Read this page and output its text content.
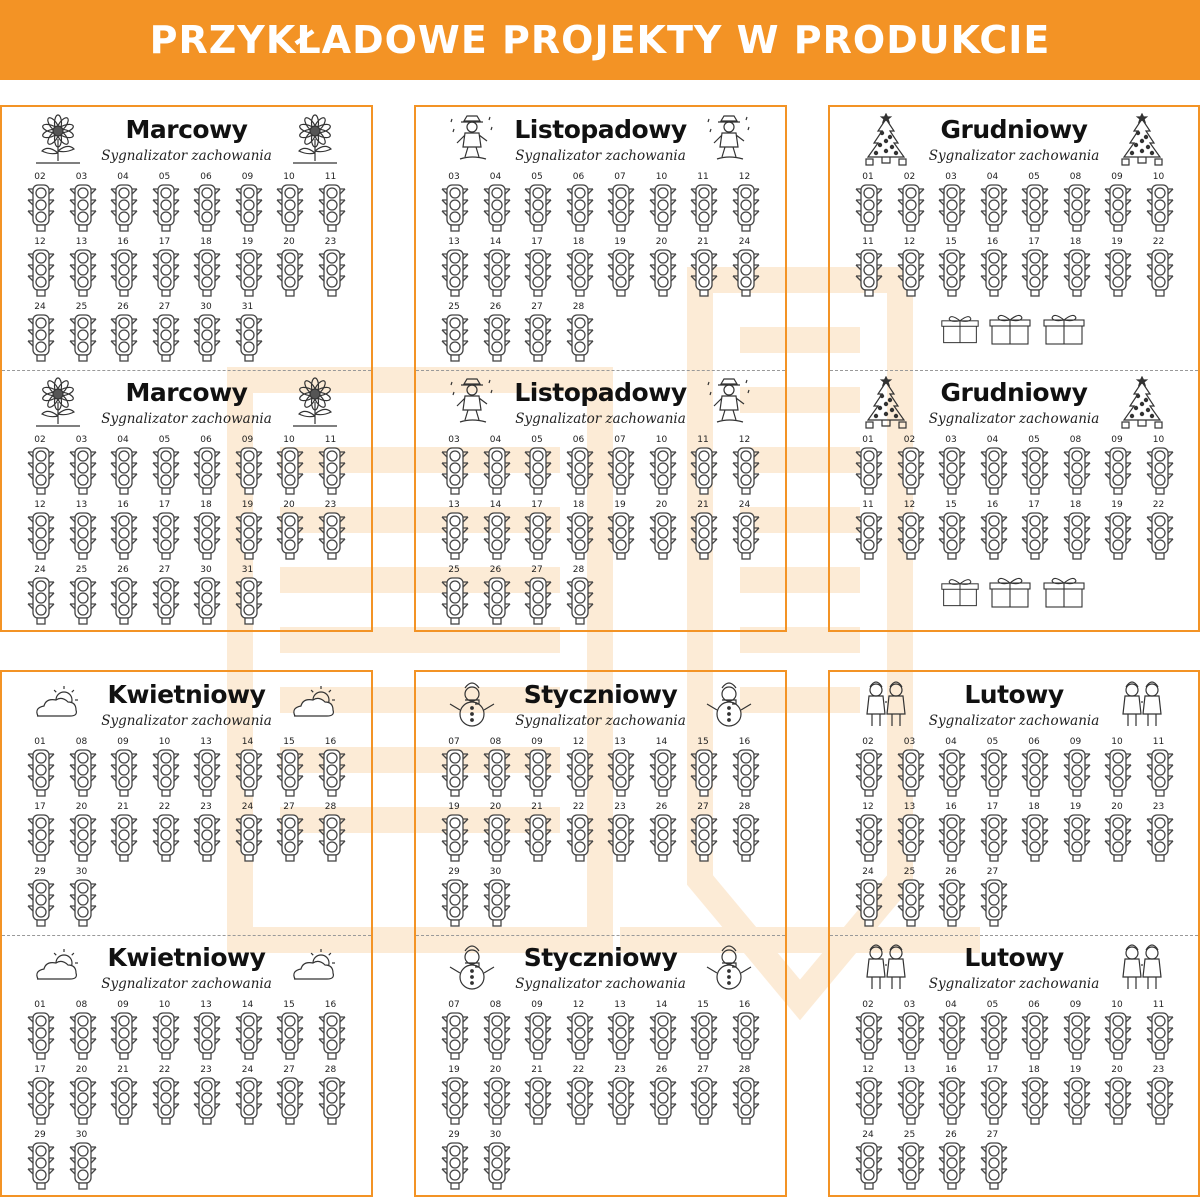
PRZYKŁADOWE PROJEKTY W PRODUKCIE
Marcowy
Sygnalizator zachowania
02	03	04	05	06	09	10	11
12	13	16	17	18	19	20	23
24	25	26	27	30	31
Marcowy
Sygnalizator zachowania
02	03	04	05	06	09	10	11
12	13	16	17	18	19	20	23
24	25	26	27	30	31
Listopadowy
Sygnalizator zachowania
03	04	05	06	07	10	11	12
13	14	17	18	19	20	21	24
25	26	27	28
Listopadowy
Sygnalizator zachowania
03	04	05	06	07	10	11	12
13	14	17	18	19	20	21	24
25	26	27	28
Grudniowy
Sygnalizator zachowania
01	02	03	04	05	08	09	10
11	12	15	16	17	18	19	22
Grudniowy
Sygnalizator zachowania
01	02	03	04	05	08	09	10
11	12	15	16	17	18	19	22
Kwietniowy
Sygnalizator zachowania
01	08	09	10	13	14	15	16
17	20	21	22	23	24	27	28
29	30
Kwietniowy
Sygnalizator zachowania
01	08	09	10	13	14	15	16
17	20	21	22	23	24	27	28
29	30
Styczniowy
Sygnalizator zachowania
07	08	09	12	13	14	15	16
19	20	21	22	23	26	27	28
29	30
Styczniowy
Sygnalizator zachowania
07	08	09	12	13	14	15	16
19	20	21	22	23	26	27	28
29	30
Lutowy
Sygnalizator zachowania
02	03	04	05	06	09	10	11
12	13	16	17	18	19	20	23
24	25	26	27
Lutowy
Sygnalizator zachowania
02	03	04	05	06	09	10	11
12	13	16	17	18	19	20	23
24	25	26	27
